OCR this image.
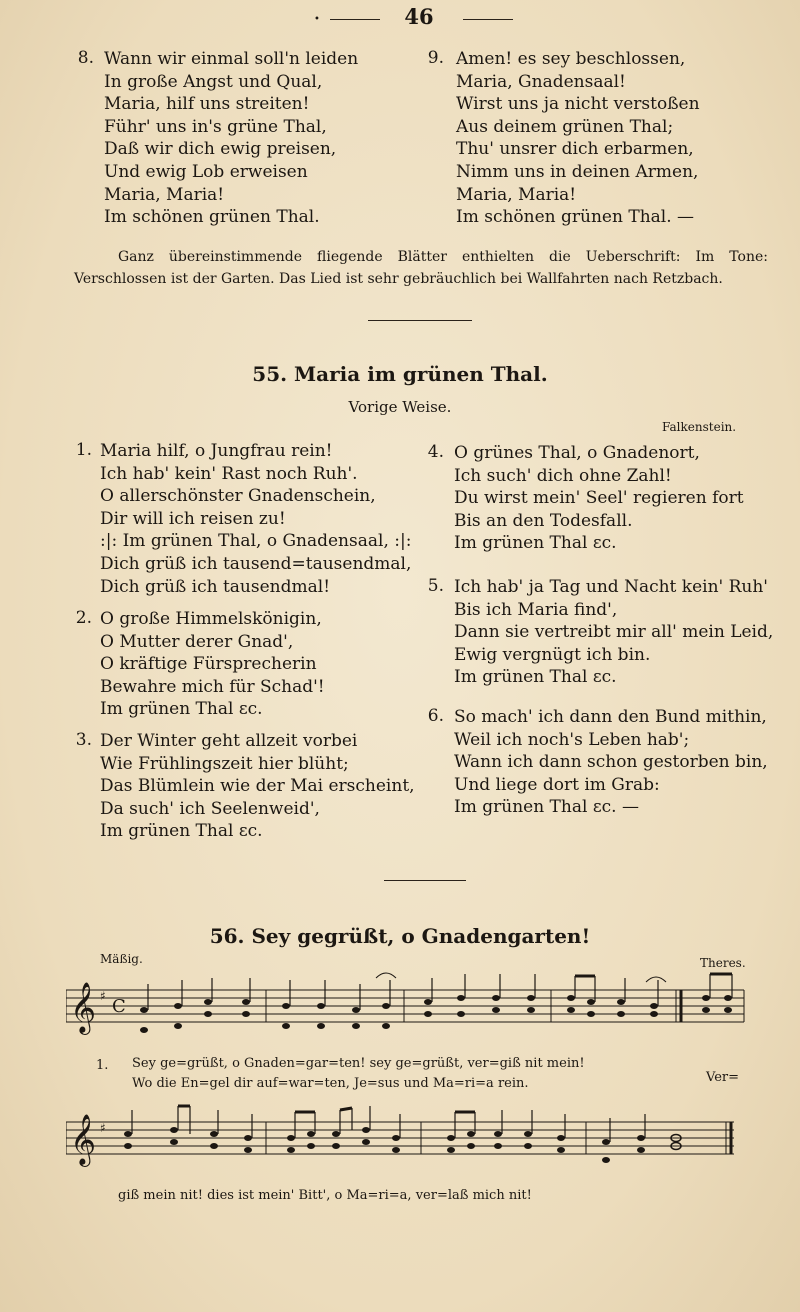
•	46
8. Wann wir einmal soll'n leiden
In große Angst und Qual,
Maria, hilf uns streiten!
Führ' uns in's grüne Thal,
Daß wir dich ewig preisen,
Und ewig Lob erweisen
Maria, Maria!
Im schönen grünen Thal.
9. Amen! es sey beschlossen,
Maria, Gnadensaal!
Wirst uns ja nicht verstoßen
Aus deinem grünen Thal;
Thu' unsrer dich erbarmen,
Nimm uns in deinen Armen,
Maria, Maria!
Im schönen grünen Thal. —
Ganz übereinstimmende fliegende Blätter enthielten die Ueberschrift: Im Tone: Verschlossen ist der Garten. Das Lied ist sehr gebräuchlich bei Wallfahrten nach Retzbach.
55. Maria im grünen Thal.
Vorige Weise.
Falkenstein.
1. Maria hilf, o Jungfrau rein!
Ich hab' kein' Rast noch Ruh'.
O allerschönster Gnadenschein,
Dir will ich reisen zu!
:|: Im grünen Thal, o Gnadensaal, :|:
Dich grüß ich tausend=tausendmal,
Dich grüß ich tausendmal!
2. O große Himmelskönigin,
O Mutter derer Gnad',
O kräftige Fürsprecherin
Bewahre mich für Schad'!
Im grünen Thal ɛc.
3. Der Winter geht allzeit vorbei
Wie Frühlingszeit hier blüht;
Das Blümlein wie der Mai erscheint,
Da such' ich Seelenweid',
Im grünen Thal ɛc.
4. O grünes Thal, o Gnadenort,
Ich such' dich ohne Zahl!
Du wirst mein' Seel' regieren fort
Bis an den Todesfall.
Im grünen Thal ɛc.
5. Ich hab' ja Tag und Nacht kein' Ruh'
Bis ich Maria find',
Dann sie vertreibt mir all' mein Leid,
Ewig vergnügt ich bin.
Im grünen Thal ɛc.
6. So mach' ich dann den Bund mithin,
Weil ich noch's Leben hab';
Wann ich dann schon gestorben bin,
Und liege dort im Grab:
Im grünen Thal ɛc. —
56. Sey gegrüßt, o Gnadengarten!
Mäßig.	Theres.
𝄞 ♯ C
1. Sey ge=grüßt, o Gnaden=gar=ten! sey ge=grüßt, ver=giß nit mein!
Wo die En=gel dir auf=war=ten, Je=sus und Ma=ri=a rein.	Ver=
𝄞 ♯
giß mein nit! dies ist mein' Bitt', o Ma=ri=a, ver=laß mich nit!
